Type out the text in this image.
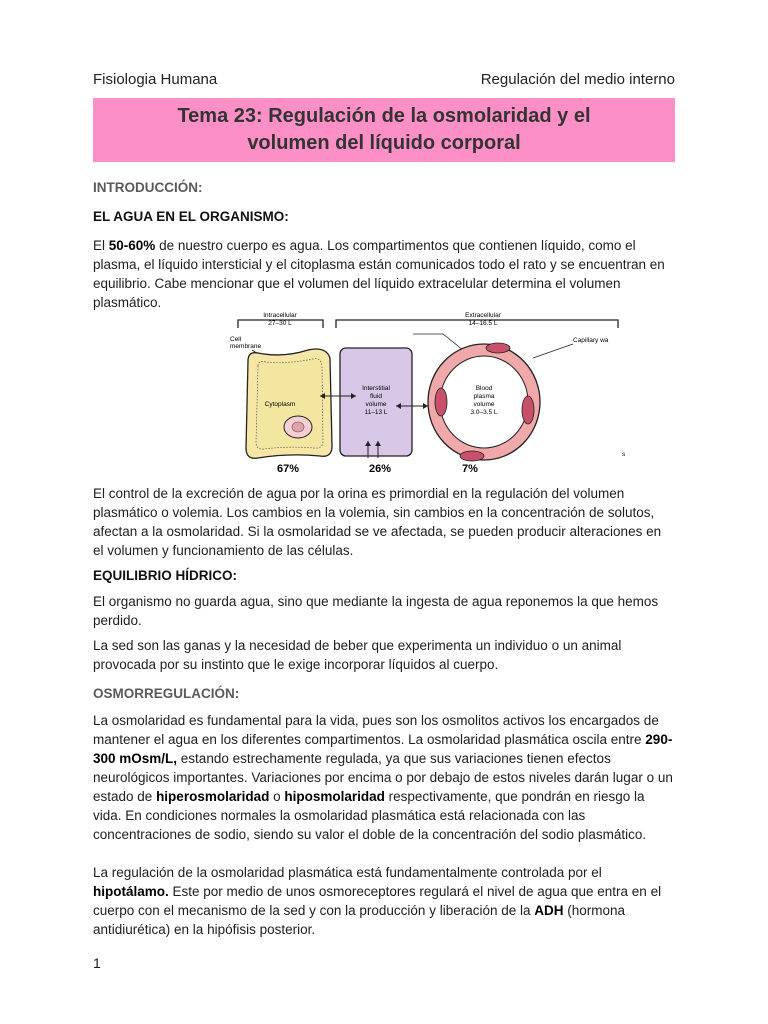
Fisiologia Humana	Regulación del medio interno
Tema 23: Regulación de la osmolaridad y el
volumen del líquido corporal
INTRODUCCIÓN:
EL AGUA EN EL ORGANISMO:
El 50-60% de nuestro cuerpo es agua. Los compartimentos que contienen líquido, como el plasma, el líquido intersticial y el citoplasma están comunicados todo el rato y se encuentran en equilibrio. Cabe mencionar que el volumen del líquido extracelular determina el volumen plasmático.
Intracellular
27–30 L
Extracellular
14–16.5 L
Cell
membrane
Cytoplasm
Interstitial
fluid
volume
11–13 L
Blood
plasma
volume
3.0–3.5 L
Capillary wa
s
67%	26%	7%
El control de la excreción de agua por la orina es primordial en la regulación del volumen plasmático o volemia. Los cambios en la volemia, sin cambios en la concentración de solutos, afectan a la osmolaridad. Si la osmolaridad se ve afectada, se pueden producir alteraciones en el volumen y funcionamiento de las células.
EQUILIBRIO HÍDRICO:
El organismo no guarda agua, sino que mediante la ingesta de agua reponemos la que hemos perdido.
La sed son las ganas y la necesidad de beber que experimenta un individuo o un animal provocada por su instinto que le exige incorporar líquidos al cuerpo.
OSMORREGULACIÓN:
La osmolaridad es fundamental para la vida, pues son los osmolitos activos los encargados de mantener el agua en los diferentes compartimentos. La osmolaridad plasmática oscila entre 290-300 mOsm/L, estando estrechamente regulada, ya que sus variaciones tienen efectos neurológicos importantes. Variaciones por encima o por debajo de estos niveles darán lugar o un estado de hiperosmolaridad o hiposmolaridad respectivamente, que pondrán en riesgo la vida. En condiciones normales la osmolaridad plasmática está relacionada con las concentraciones de sodio, siendo su valor el doble de la concentración del sodio plasmático.
La regulación de la osmolaridad plasmática está fundamentalmente controlada por el hipotálamo. Este por medio de unos osmoreceptores regulará el nivel de agua que entra en el cuerpo con el mecanismo de la sed y con la producción y liberación de la ADH (hormona antidiurética) en la hipófisis posterior.
1
